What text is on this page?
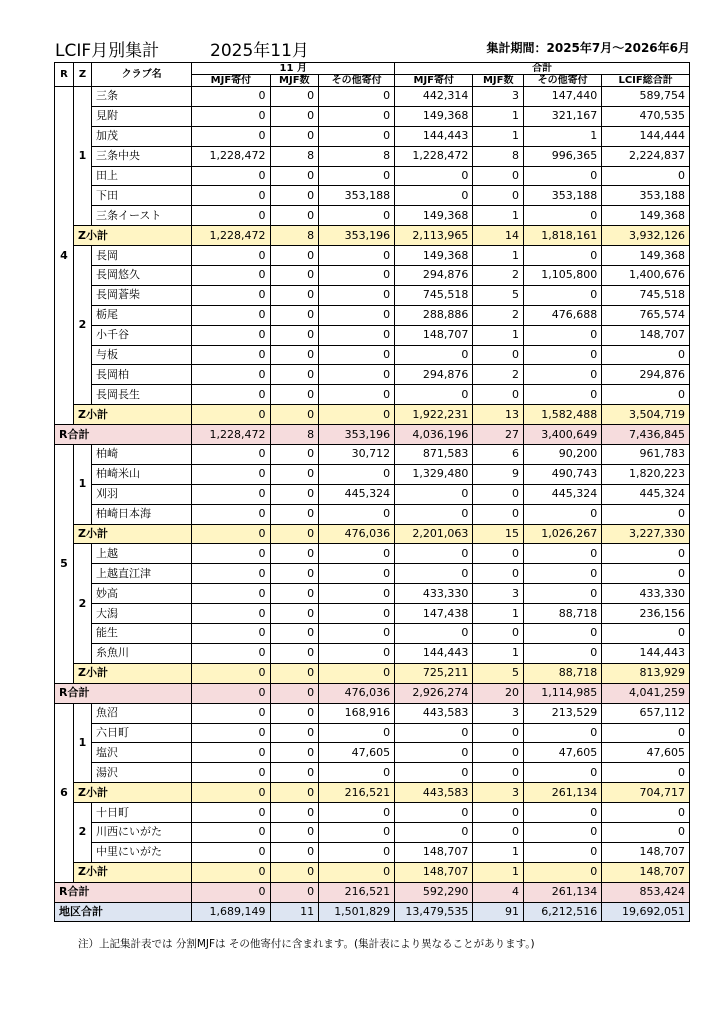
LCIF月別集計	2025年11月	集計期間：2025年7月〜2026年6月
R	Z	クラブ名	11 月			合計			
			MJF寄付	MJF数	その他寄付	MJF寄付	MJF数	その他寄付	LCIF総合計
4	1	三条	0	0	0	442,314	3	147,440	589,754
		見附	0	0	0	149,368	1	321,167	470,535
		加茂	0	0	0	144,443	1	1	144,444
		三条中央	1,228,472	8	8	1,228,472	8	996,365	2,224,837
		田上	0	0	0	0	0	0	0
		下田	0	0	353,188	0	0	353,188	353,188
		三条イースト	0	0	0	149,368	1	0	149,368
	Z小計		1,228,472	8	353,196	2,113,965	14	1,818,161	3,932,126
	2	長岡	0	0	0	149,368	1	0	149,368
		長岡悠久	0	0	0	294,876	2	1,105,800	1,400,676
		長岡蒼柴	0	0	0	745,518	5	0	745,518
		栃尾	0	0	0	288,886	2	476,688	765,574
		小千谷	0	0	0	148,707	1	0	148,707
		与板	0	0	0	0	0	0	0
		長岡柏	0	0	0	294,876	2	0	294,876
		長岡長生	0	0	0	0	0	0	0
	Z小計		0	0	0	1,922,231	13	1,582,488	3,504,719
R合計			1,228,472	8	353,196	4,036,196	27	3,400,649	7,436,845
5	1	柏崎	0	0	30,712	871,583	6	90,200	961,783
		柏崎米山	0	0	0	1,329,480	9	490,743	1,820,223
		刈羽	0	0	445,324	0	0	445,324	445,324
		柏崎日本海	0	0	0	0	0	0	0
	Z小計		0	0	476,036	2,201,063	15	1,026,267	3,227,330
	2	上越	0	0	0	0	0	0	0
		上越直江津	0	0	0	0	0	0	0
		妙高	0	0	0	433,330	3	0	433,330
		大潟	0	0	0	147,438	1	88,718	236,156
		能生	0	0	0	0	0	0	0
		糸魚川	0	0	0	144,443	1	0	144,443
	Z小計		0	0	0	725,211	5	88,718	813,929
R合計			0	0	476,036	2,926,274	20	1,114,985	4,041,259
6	1	魚沼	0	0	168,916	443,583	3	213,529	657,112
		六日町	0	0	0	0	0	0	0
		塩沢	0	0	47,605	0	0	47,605	47,605
		湯沢	0	0	0	0	0	0	0
	Z小計		0	0	216,521	443,583	3	261,134	704,717
	2	十日町	0	0	0	0	0	0	0
		川西にいがた	0	0	0	0	0	0	0
		中里にいがた	0	0	0	148,707	1	0	148,707
	Z小計		0	0	0	148,707	1	0	148,707
R合計			0	0	216,521	592,290	4	261,134	853,424
地区合計			1,689,149	11	1,501,829	13,479,535	91	6,212,516	19,692,051
注）上記集計表では 分割MJFは その他寄付に含まれます。(集計表により異なることがあります。)
